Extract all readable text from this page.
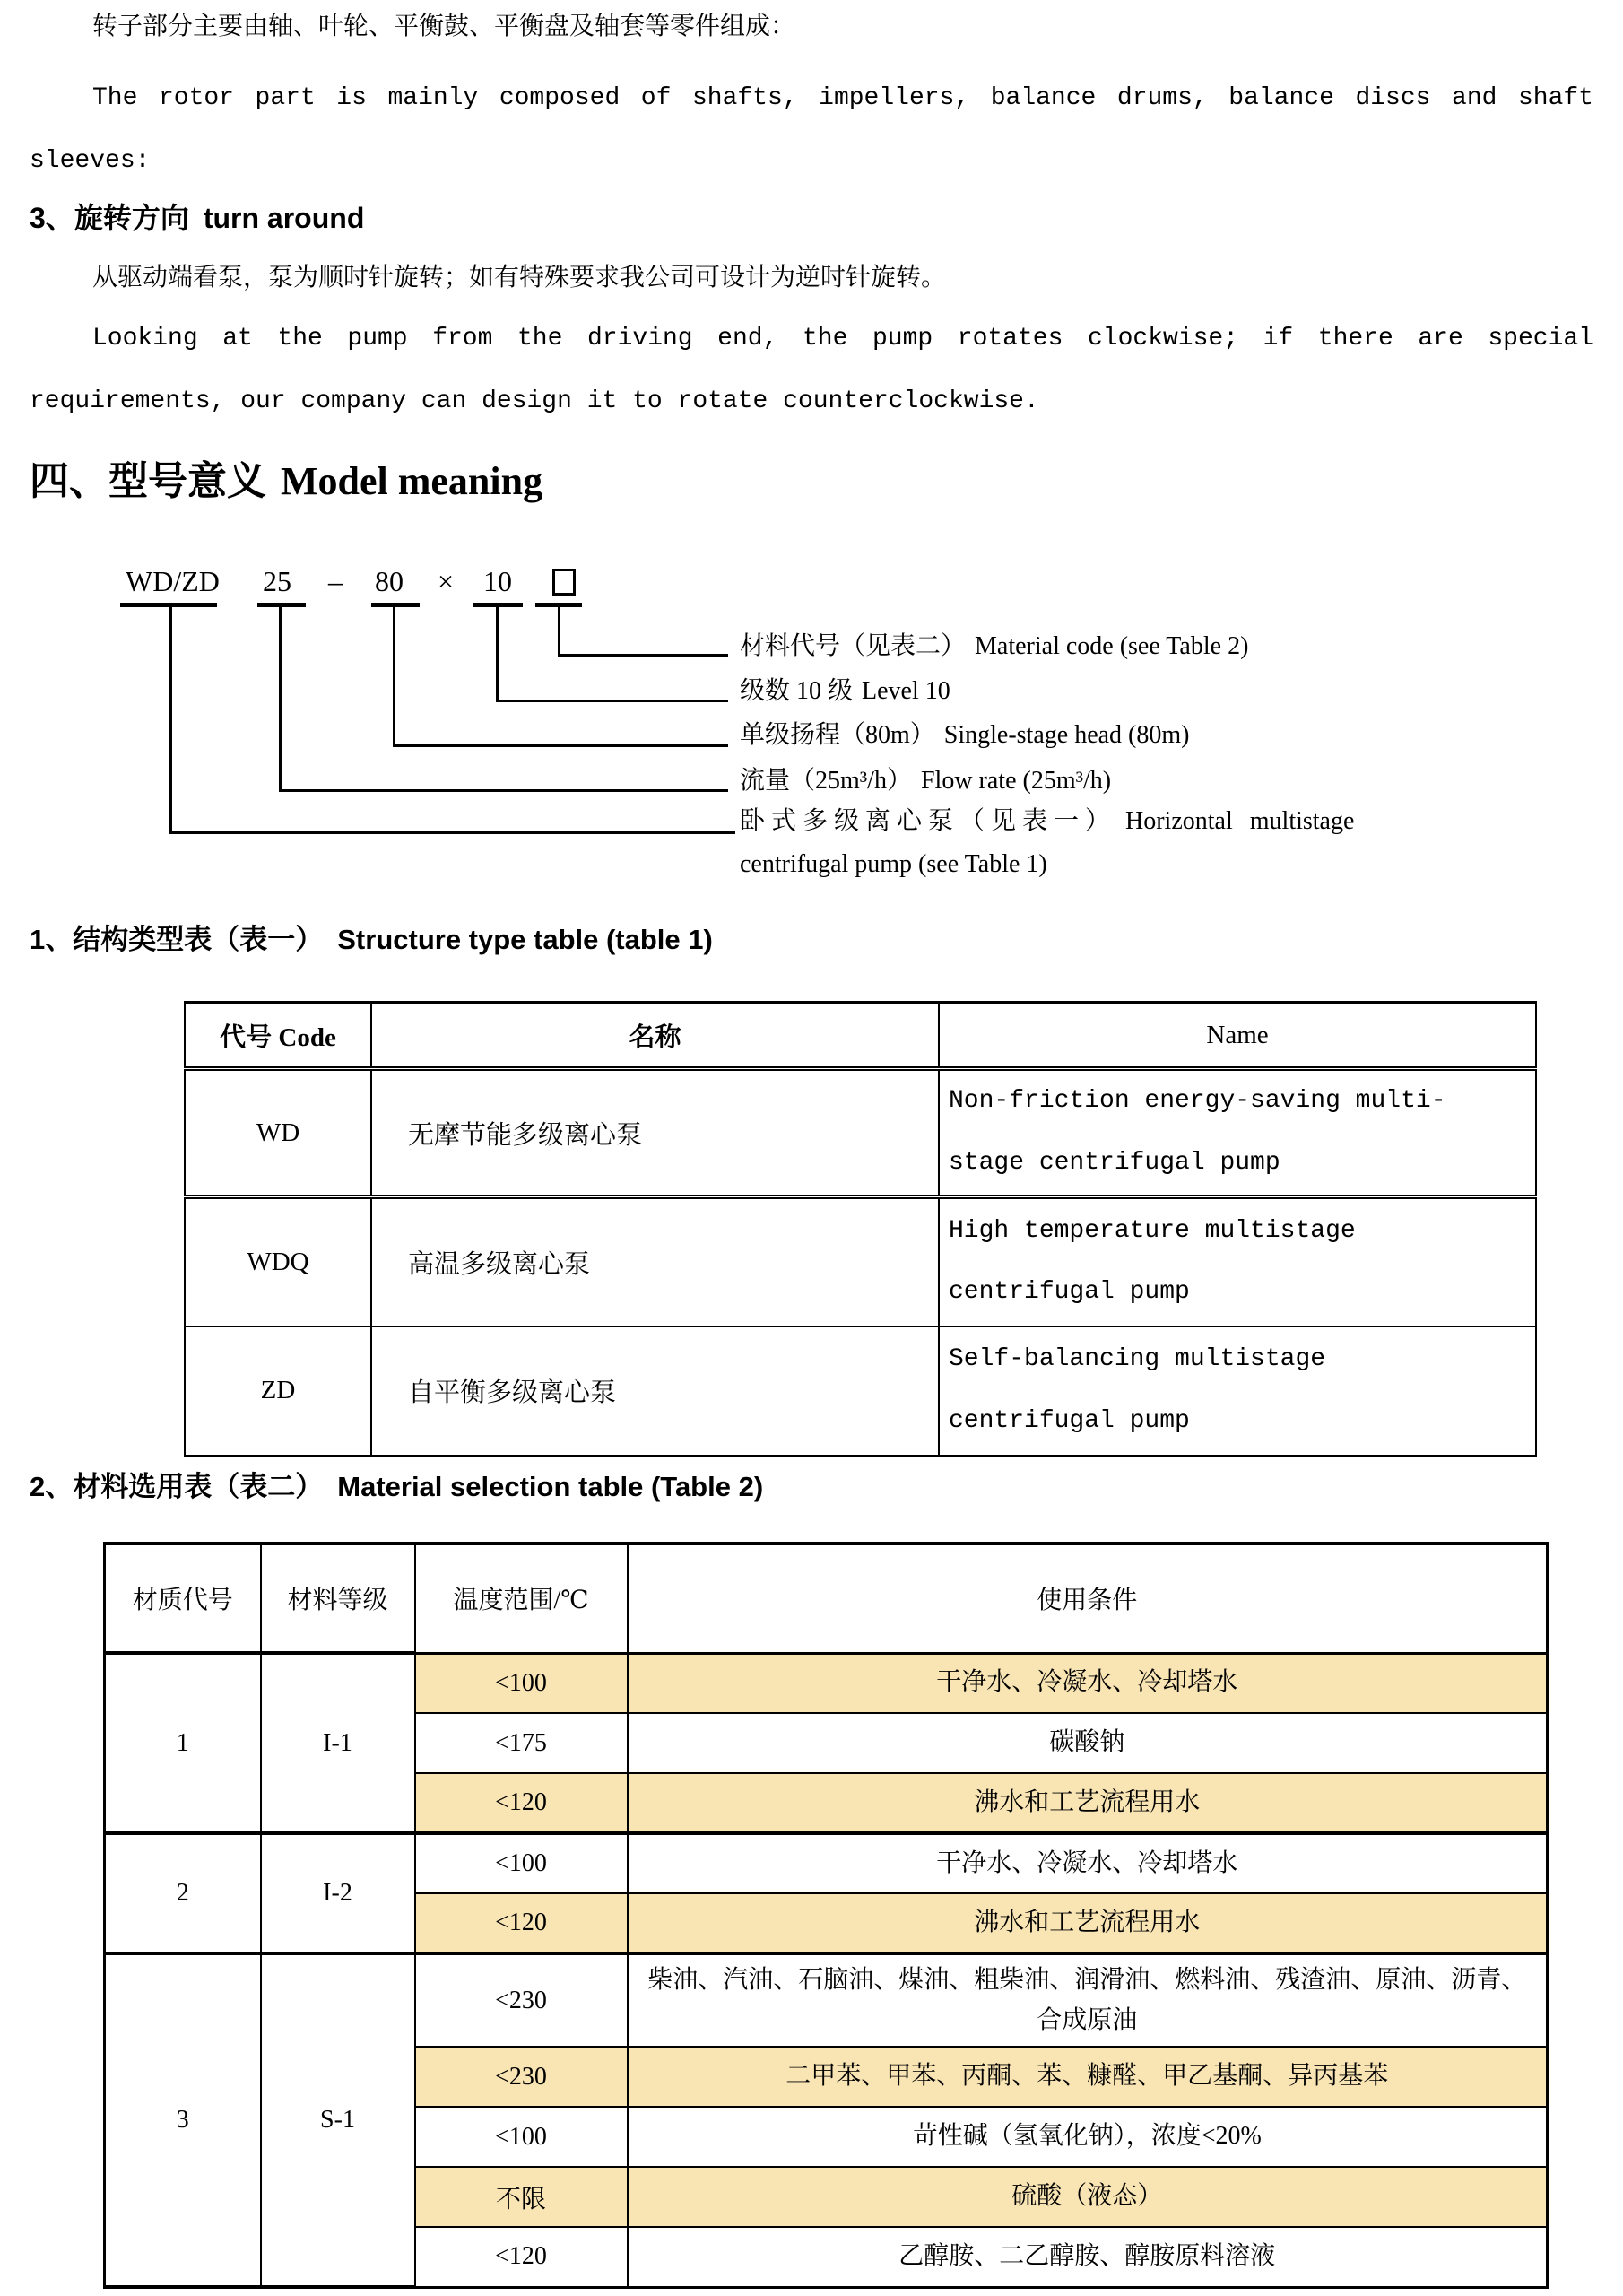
转子部分主要由轴、叶轮、平衡鼓、平衡盘及轴套等零件组成：
The rotor part is mainly composed of shafts, impellers, balance drums, balance discs and shaft
sleeves:
3、旋转方向 turn around
从驱动端看泵，泵为顺时针旋转；如有特殊要求我公司可设计为逆时针旋转。
Looking at the pump from the driving end, the pump rotates clockwise; if there are special
requirements, our company can design it to rotate counterclockwise.
四、型号意义 Model meaning
WD/ZD 25 – 80 × 10
材料代号（见表二） Material code (see Table 2)
级数 10 级 Level 10
单级扬程（80m） Single-stage head (80m)
流量（25m³/h） Flow rate (25m³/h)
卧式多级离心泵（见表一） Horizontal multistage
centrifugal pump (see Table 1)
1、结构类型表（表一） Structure type table (table 1)
代号 Code	名称	Name
WD	无摩节能多级离心泵	Non-friction energy-saving multi-stage centrifugal pump
WDQ	高温多级离心泵	High temperature multistage centrifugal pump
ZD	自平衡多级离心泵	Self-balancing multistage centrifugal pump
2、材料选用表（表二） Material selection table (Table 2)
材质代号	材料等级	温度范围/℃	使用条件
1	I-1	<100	干净水、冷凝水、冷却塔水
		<175	碳酸钠
		<120	沸水和工艺流程用水
2	I-2	<100	干净水、冷凝水、冷却塔水
		<120	沸水和工艺流程用水
3	S-1	<230	柴油、汽油、石脑油、煤油、粗柴油、润滑油、燃料油、残渣油、原油、沥青、合成原油
		<230	二甲苯、甲苯、丙酮、苯、糠醛、甲乙基酮、异丙基苯
		<100	苛性碱（氢氧化钠），浓度<20%
		不限	硫酸（液态）
		<120	乙醇胺、二乙醇胺、醇胺原料溶液
